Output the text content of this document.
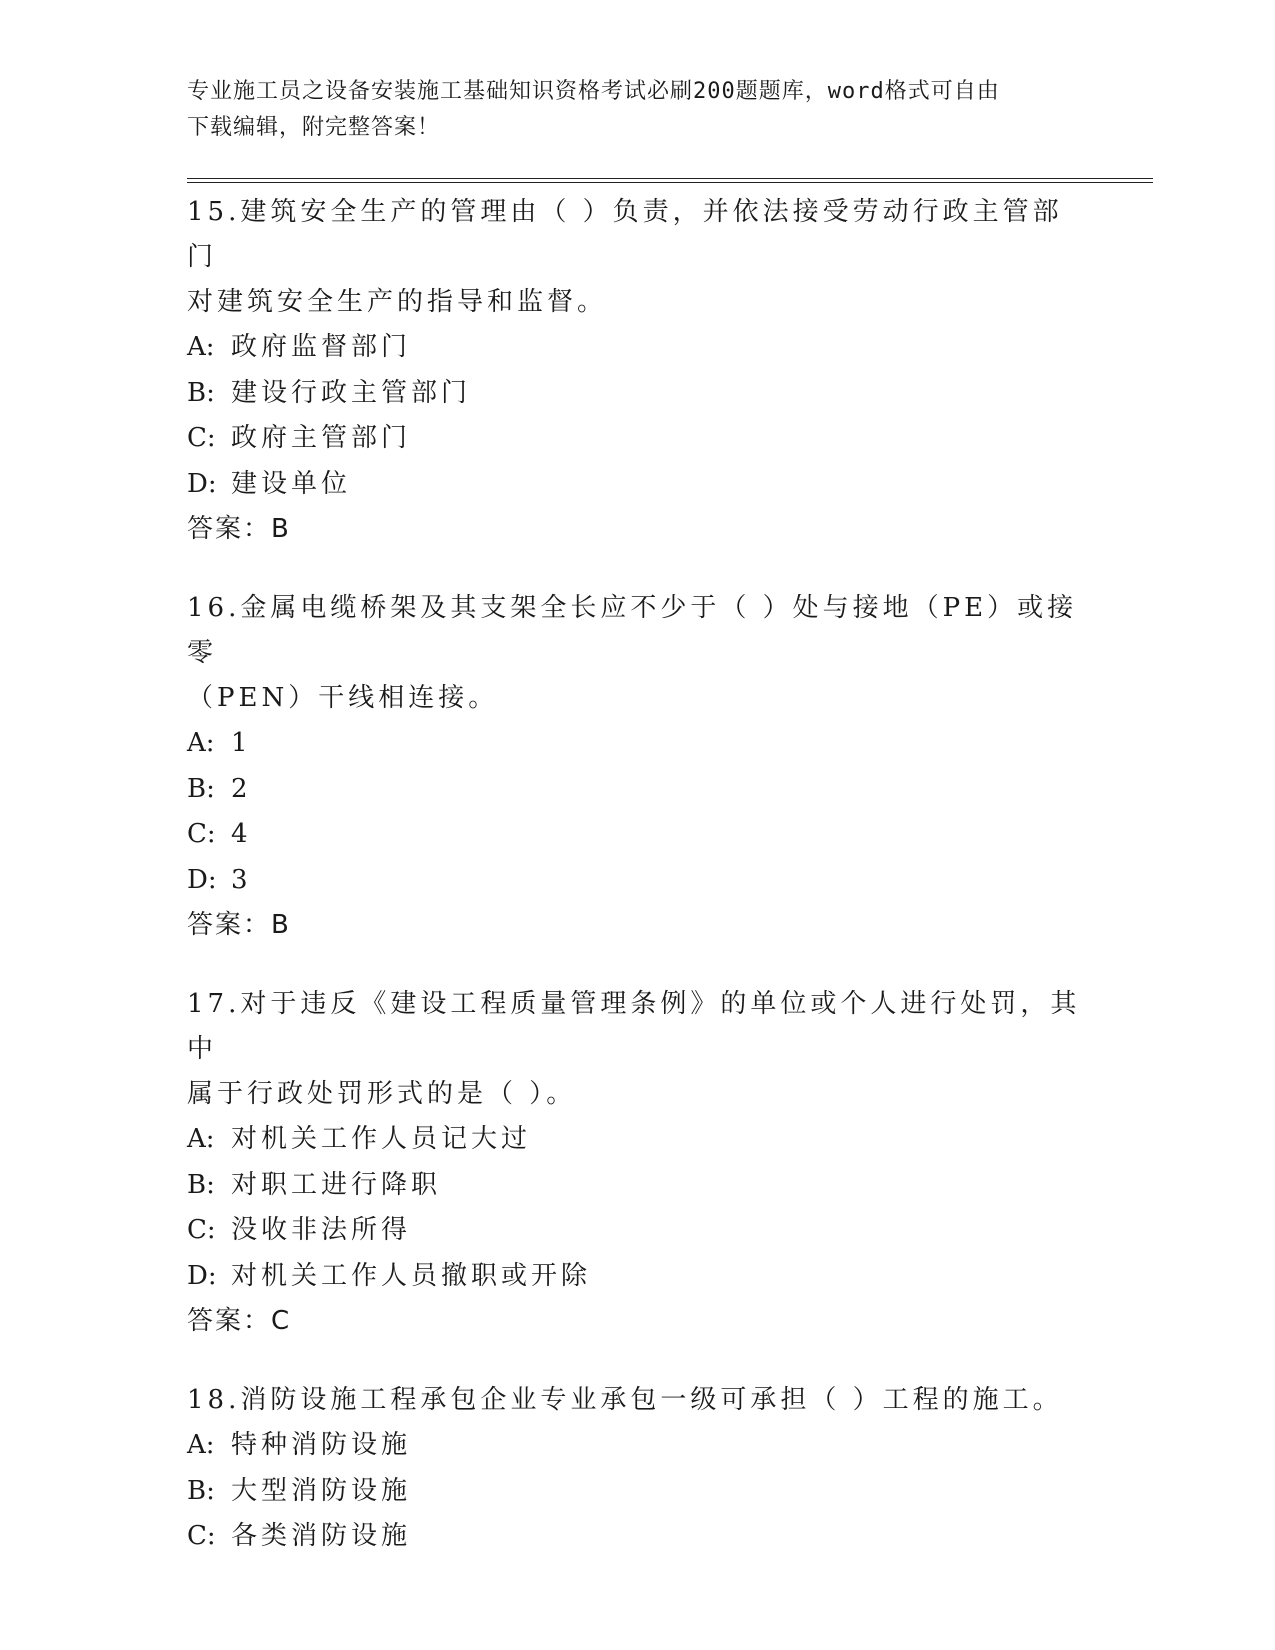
专业施工员之设备安装施工基础知识资格考试必刷200题题库，word格式可自由
下载编辑，附完整答案！
15.建筑安全生产的管理由（ ）负责，并依法接受劳动行政主管部门
对建筑安全生产的指导和监督。
A: 政府监督部门
B: 建设行政主管部门
C: 政府主管部门
D: 建设单位
答案：B
16.金属电缆桥架及其支架全长应不少于（ ）处与接地（PE）或接零
（PEN）干线相连接。
A: 1
B: 2
C: 4
D: 3
答案：B
17.对于违反《建设工程质量管理条例》的单位或个人进行处罚，其中
属于行政处罚形式的是（ ）。
A: 对机关工作人员记大过
B: 对职工进行降职
C: 没收非法所得
D: 对机关工作人员撤职或开除
答案：C
18.消防设施工程承包企业专业承包一级可承担（ ）工程的施工。
A: 特种消防设施
B: 大型消防设施
C: 各类消防设施
